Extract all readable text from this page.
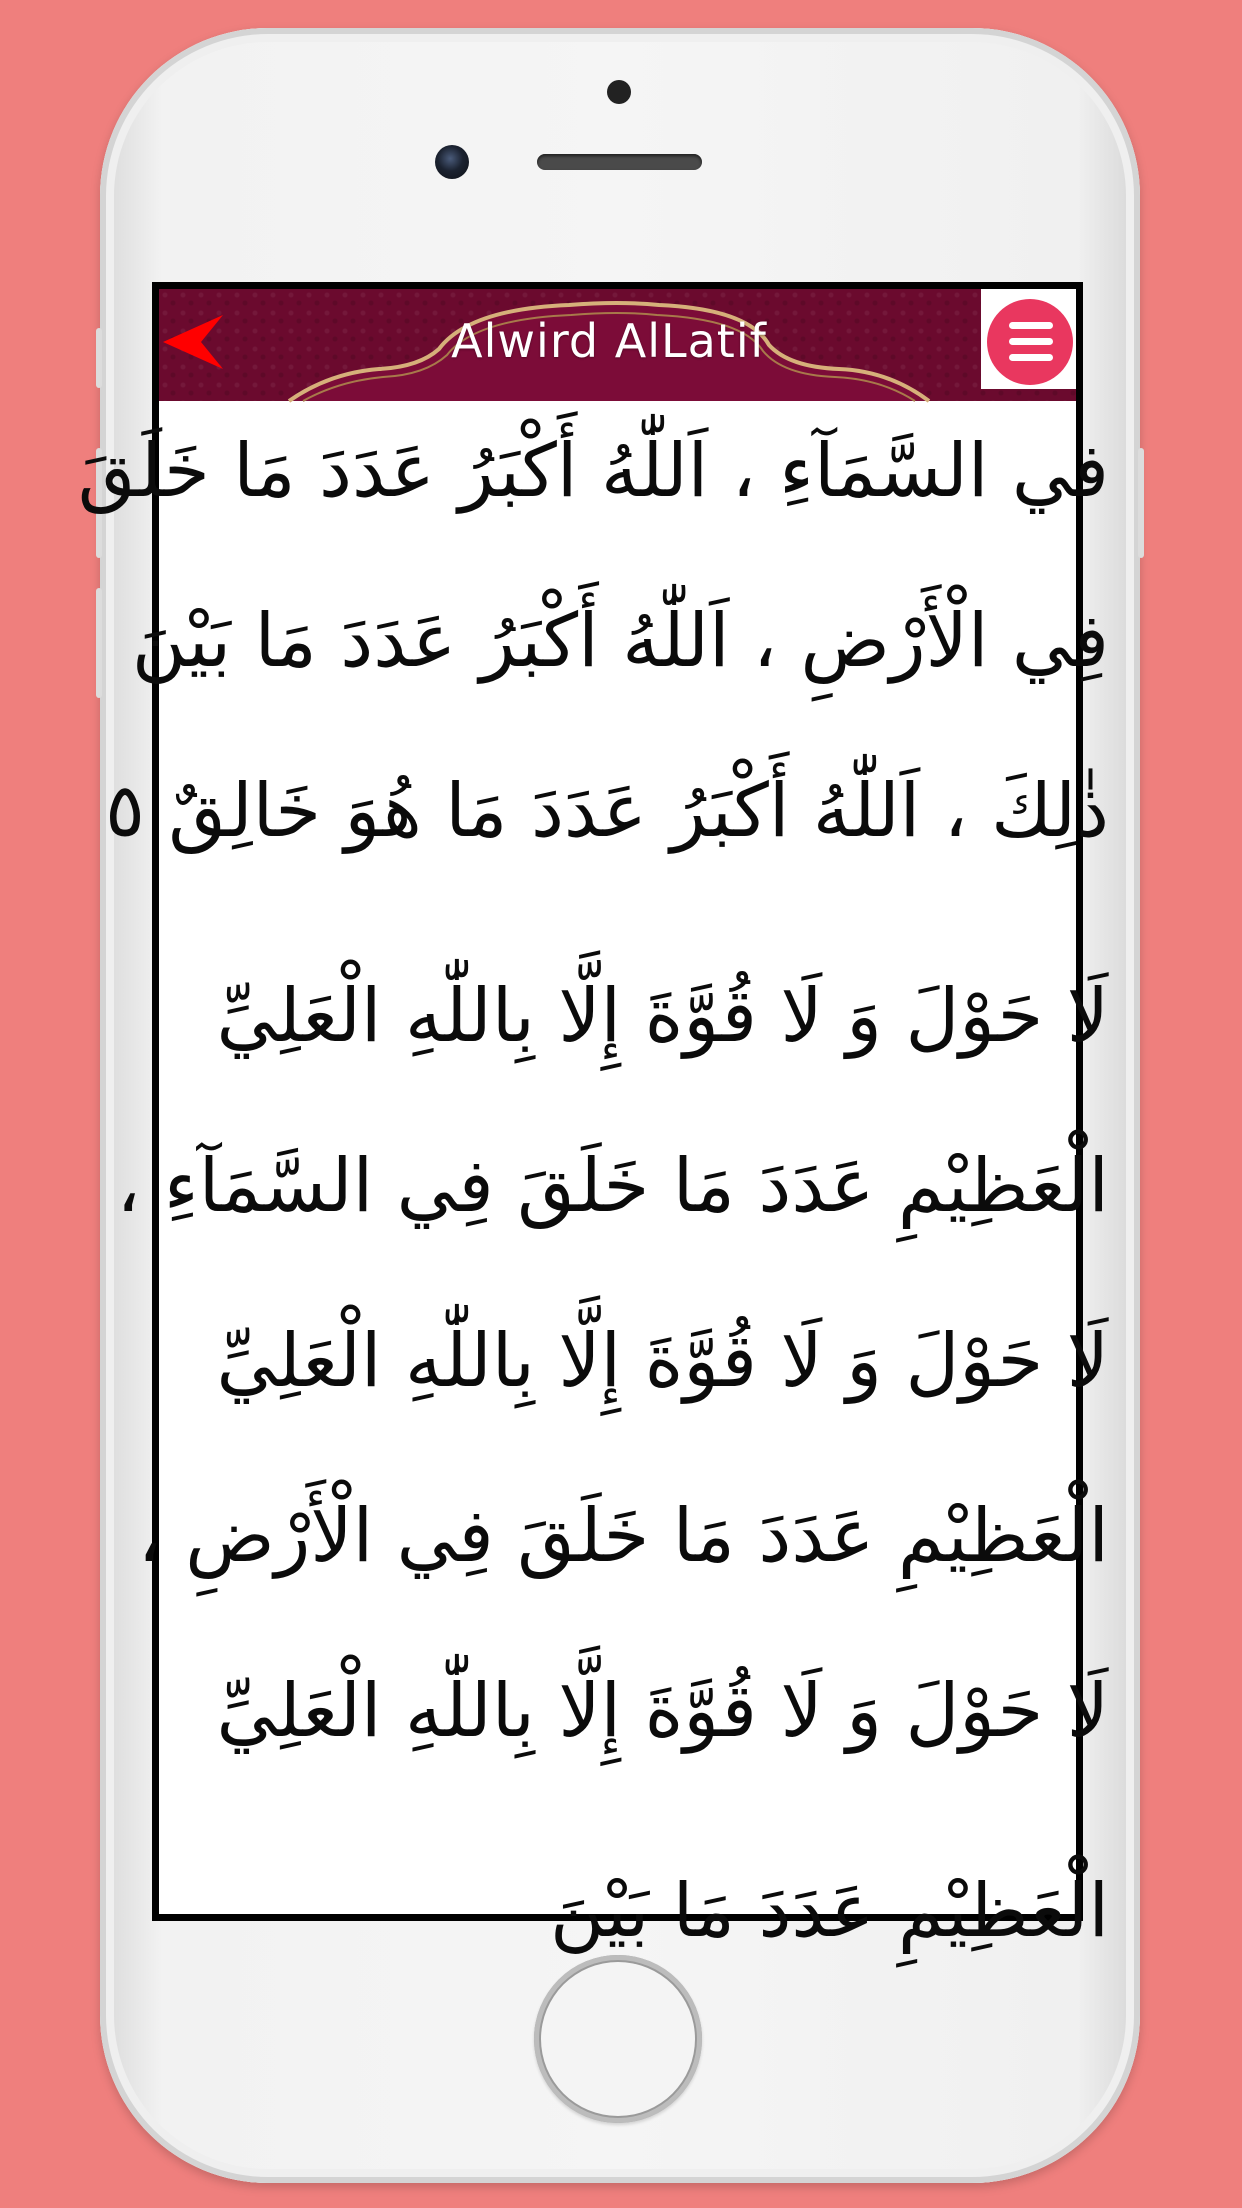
Alwird AlLatif
في السَّمَآءِ ، اَللّٰهُ أَكْبَرُ عَدَدَ مَا خَلَقَ
فِي الْأَرْضِ ، اَللّٰهُ أَكْبَرُ عَدَدَ مَا بَيْنَ
ذٰلِكَ ، اَللّٰهُ أَكْبَرُ عَدَدَ مَا هُوَ خَالِقٌ ٥
لَا حَوْلَ وَ لَا قُوَّةَ إِلَّا بِاللّٰهِ الْعَلِيِّ
الْعَظِيْمِ عَدَدَ مَا خَلَقَ فِي السَّمَآءِ ،
لَا حَوْلَ وَ لَا قُوَّةَ إِلَّا بِاللّٰهِ الْعَلِيِّ
الْعَظِيْمِ عَدَدَ مَا خَلَقَ فِي الْأَرْضِ ،
لَا حَوْلَ وَ لَا قُوَّةَ إِلَّا بِاللّٰهِ الْعَلِيِّ
الْعَظِيْمِ عَدَدَ مَا بَيْنَ
